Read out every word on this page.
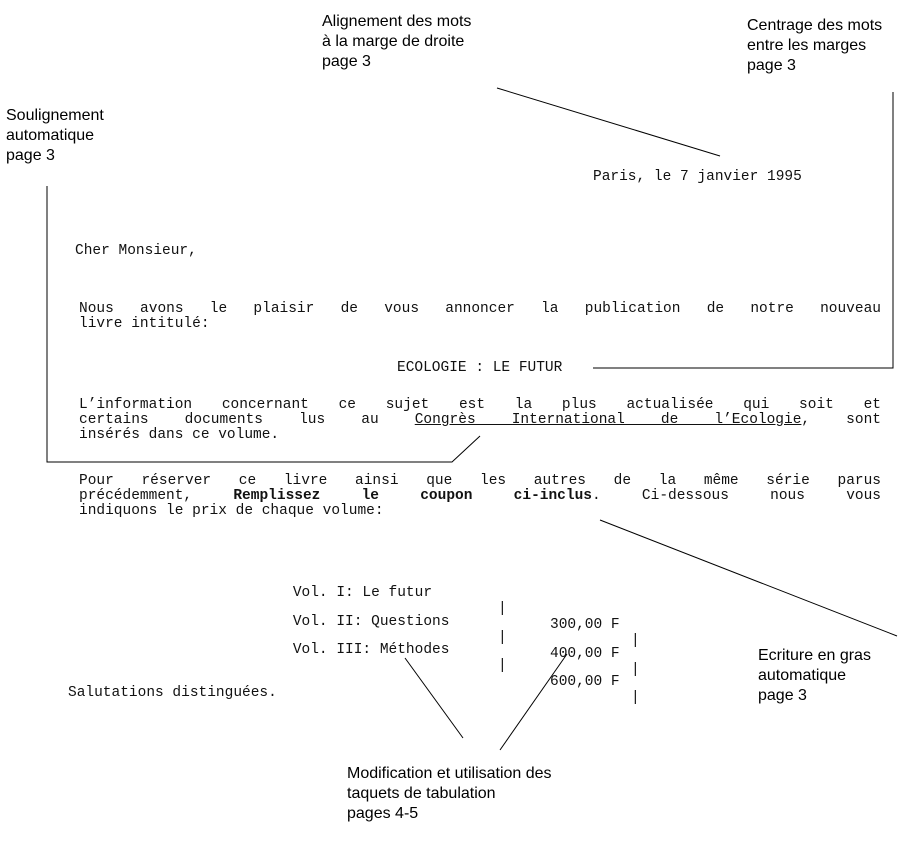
Alignement des mots
à la marge de droite
page 3
Centrage des mots
entre les marges
page 3
Soulignement
automatique
page 3
Ecriture en gras
automatique
page 3
Modification et utilisation des
taquets de tabulation
pages 4-5
Paris, le 7 janvier 1995
Cher Monsieur,
Nous avons le plaisir de vous annoncer la publication de notre nouveau
livre intitulé:
ECOLOGIE : LE FUTUR
L’information concernant ce sujet est la plus actualisée qui soit et
certains documents lus au Congrès International de l’Ecologie, sont
insérés dans ce volume.
Pour réserver ce livre ainsi que les autres de la même série parus
précédemment, Remplissez le coupon ci-inclus. Ci-dessous nous vous
indiquons le prix de chaque volume:

Vol. I: Le futur

|

300,00 F

|

Vol. II: Questions

|

400,00 F

|

Vol. III: Méthodes

|

600,00 F

|

Salutations distinguées.
